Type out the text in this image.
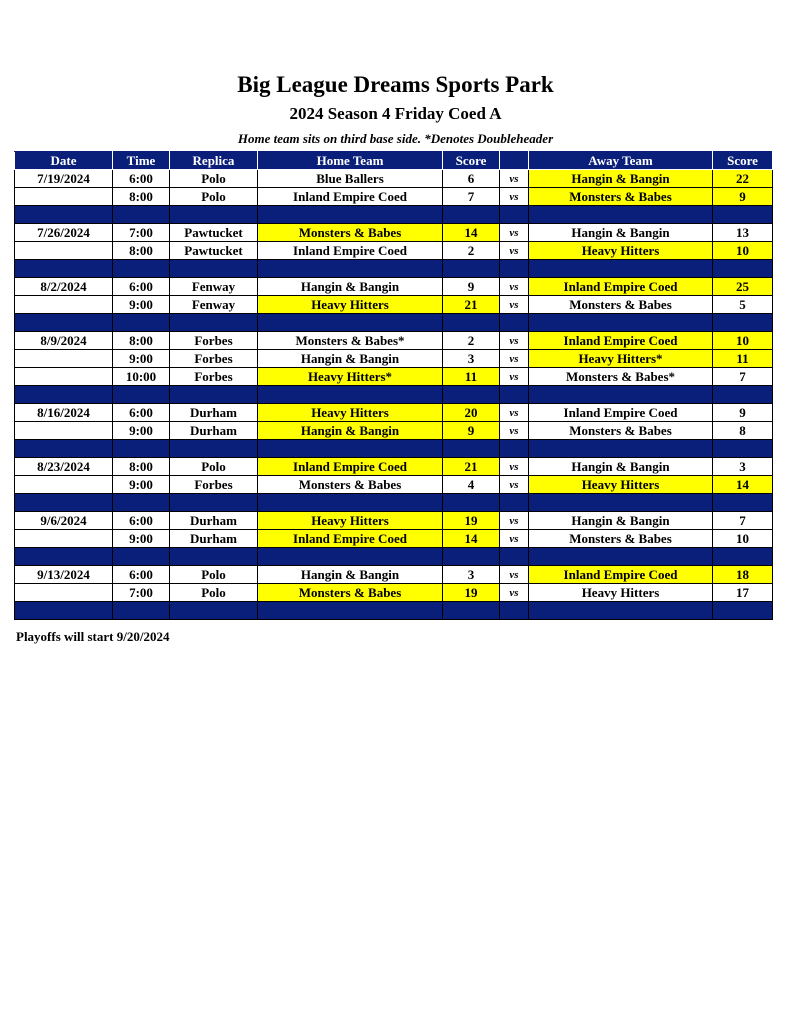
Big League Dreams Sports Park
2024 Season 4 Friday Coed A
Home team sits on third base side. *Denotes Doubleheader
Date	Time	Replica	Home Team	Score		Away Team	Score
7/19/2024	6:00	Polo	Blue Ballers	6	vs	Hangin & Bangin	22
	8:00	Polo	Inland Empire Coed	7	vs	Monsters & Babes	9

7/26/2024	7:00	Pawtucket	Monsters & Babes	14	vs	Hangin & Bangin	13
	8:00	Pawtucket	Inland Empire Coed	2	vs	Heavy Hitters	10

8/2/2024	6:00	Fenway	Hangin & Bangin	9	vs	Inland Empire Coed	25
	9:00	Fenway	Heavy Hitters	21	vs	Monsters & Babes	5

8/9/2024	8:00	Forbes	Monsters & Babes*	2	vs	Inland Empire Coed	10
	9:00	Forbes	Hangin & Bangin	3	vs	Heavy Hitters*	11
	10:00	Forbes	Heavy Hitters*	11	vs	Monsters & Babes*	7

8/16/2024	6:00	Durham	Heavy Hitters	20	vs	Inland Empire Coed	9
	9:00	Durham	Hangin & Bangin	9	vs	Monsters & Babes	8

8/23/2024	8:00	Polo	Inland Empire Coed	21	vs	Hangin & Bangin	3
	9:00	Forbes	Monsters & Babes	4	vs	Heavy Hitters	14

9/6/2024	6:00	Durham	Heavy Hitters	19	vs	Hangin & Bangin	7
	9:00	Durham	Inland Empire Coed	14	vs	Monsters & Babes	10

9/13/2024	6:00	Polo	Hangin & Bangin	3	vs	Inland Empire Coed	18
	7:00	Polo	Monsters & Babes	19	vs	Heavy Hitters	17

Playoffs will start 9/20/2024
